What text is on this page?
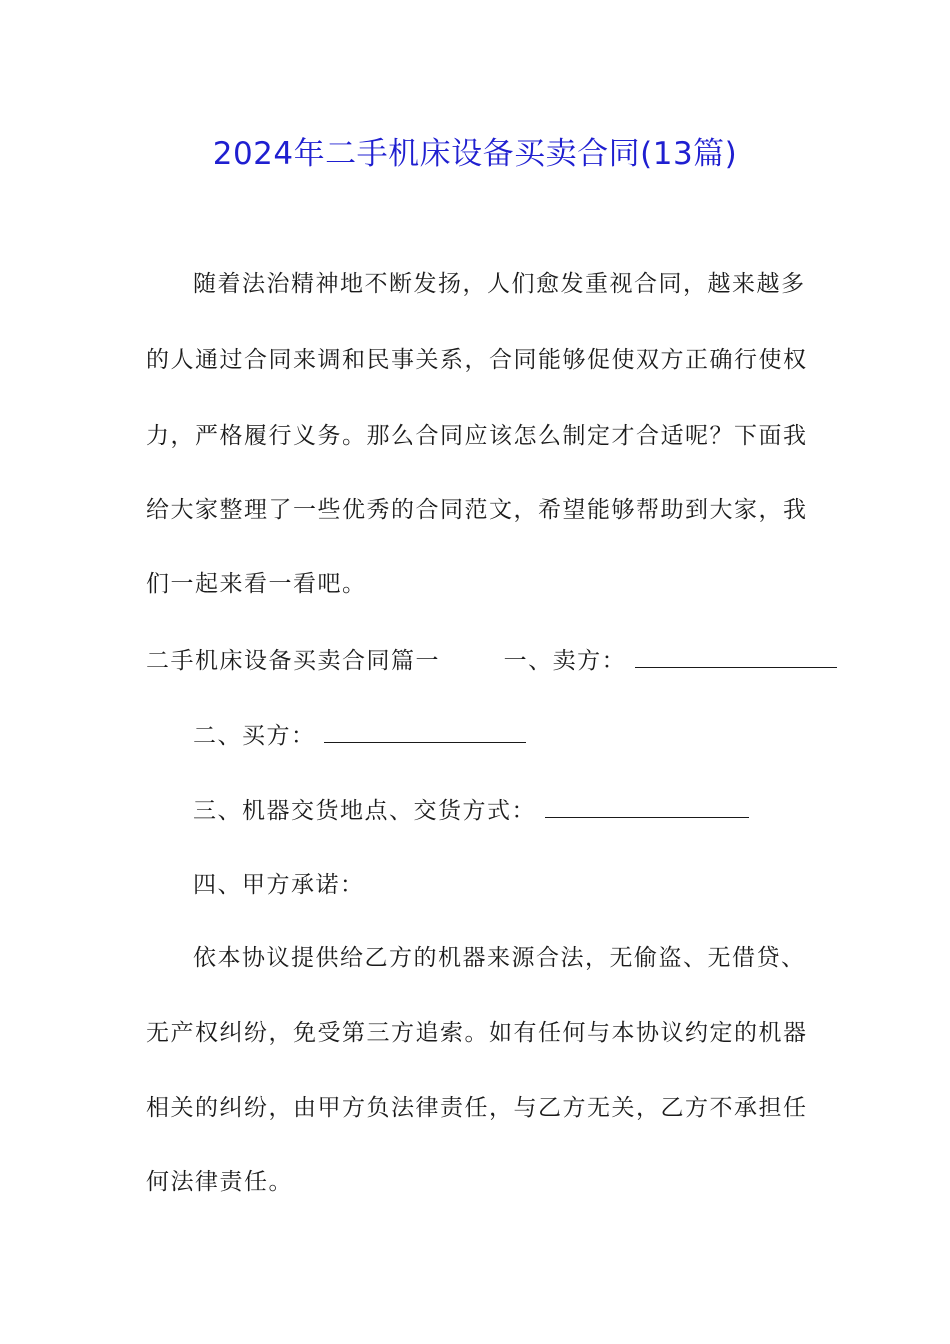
2024年二手机床设备买卖合同(13篇)
随着法治精神地不断发扬，人们愈发重视合同，越来越多
的人通过合同来调和民事关系，合同能够促使双方正确行使权
力，严格履行义务。那么合同应该怎么制定才合适呢？下面我
给大家整理了一些优秀的合同范文，希望能够帮助到大家，我
们一起来看一看吧。
二手机床设备买卖合同篇一	一、卖方：
二、买方：
三、机器交货地点、交货方式：
四、甲方承诺：
依本协议提供给乙方的机器来源合法，无偷盗、无借贷、
无产权纠纷，免受第三方追索。如有任何与本协议约定的机器
相关的纠纷，由甲方负法律责任，与乙方无关，乙方不承担任
何法律责任。
